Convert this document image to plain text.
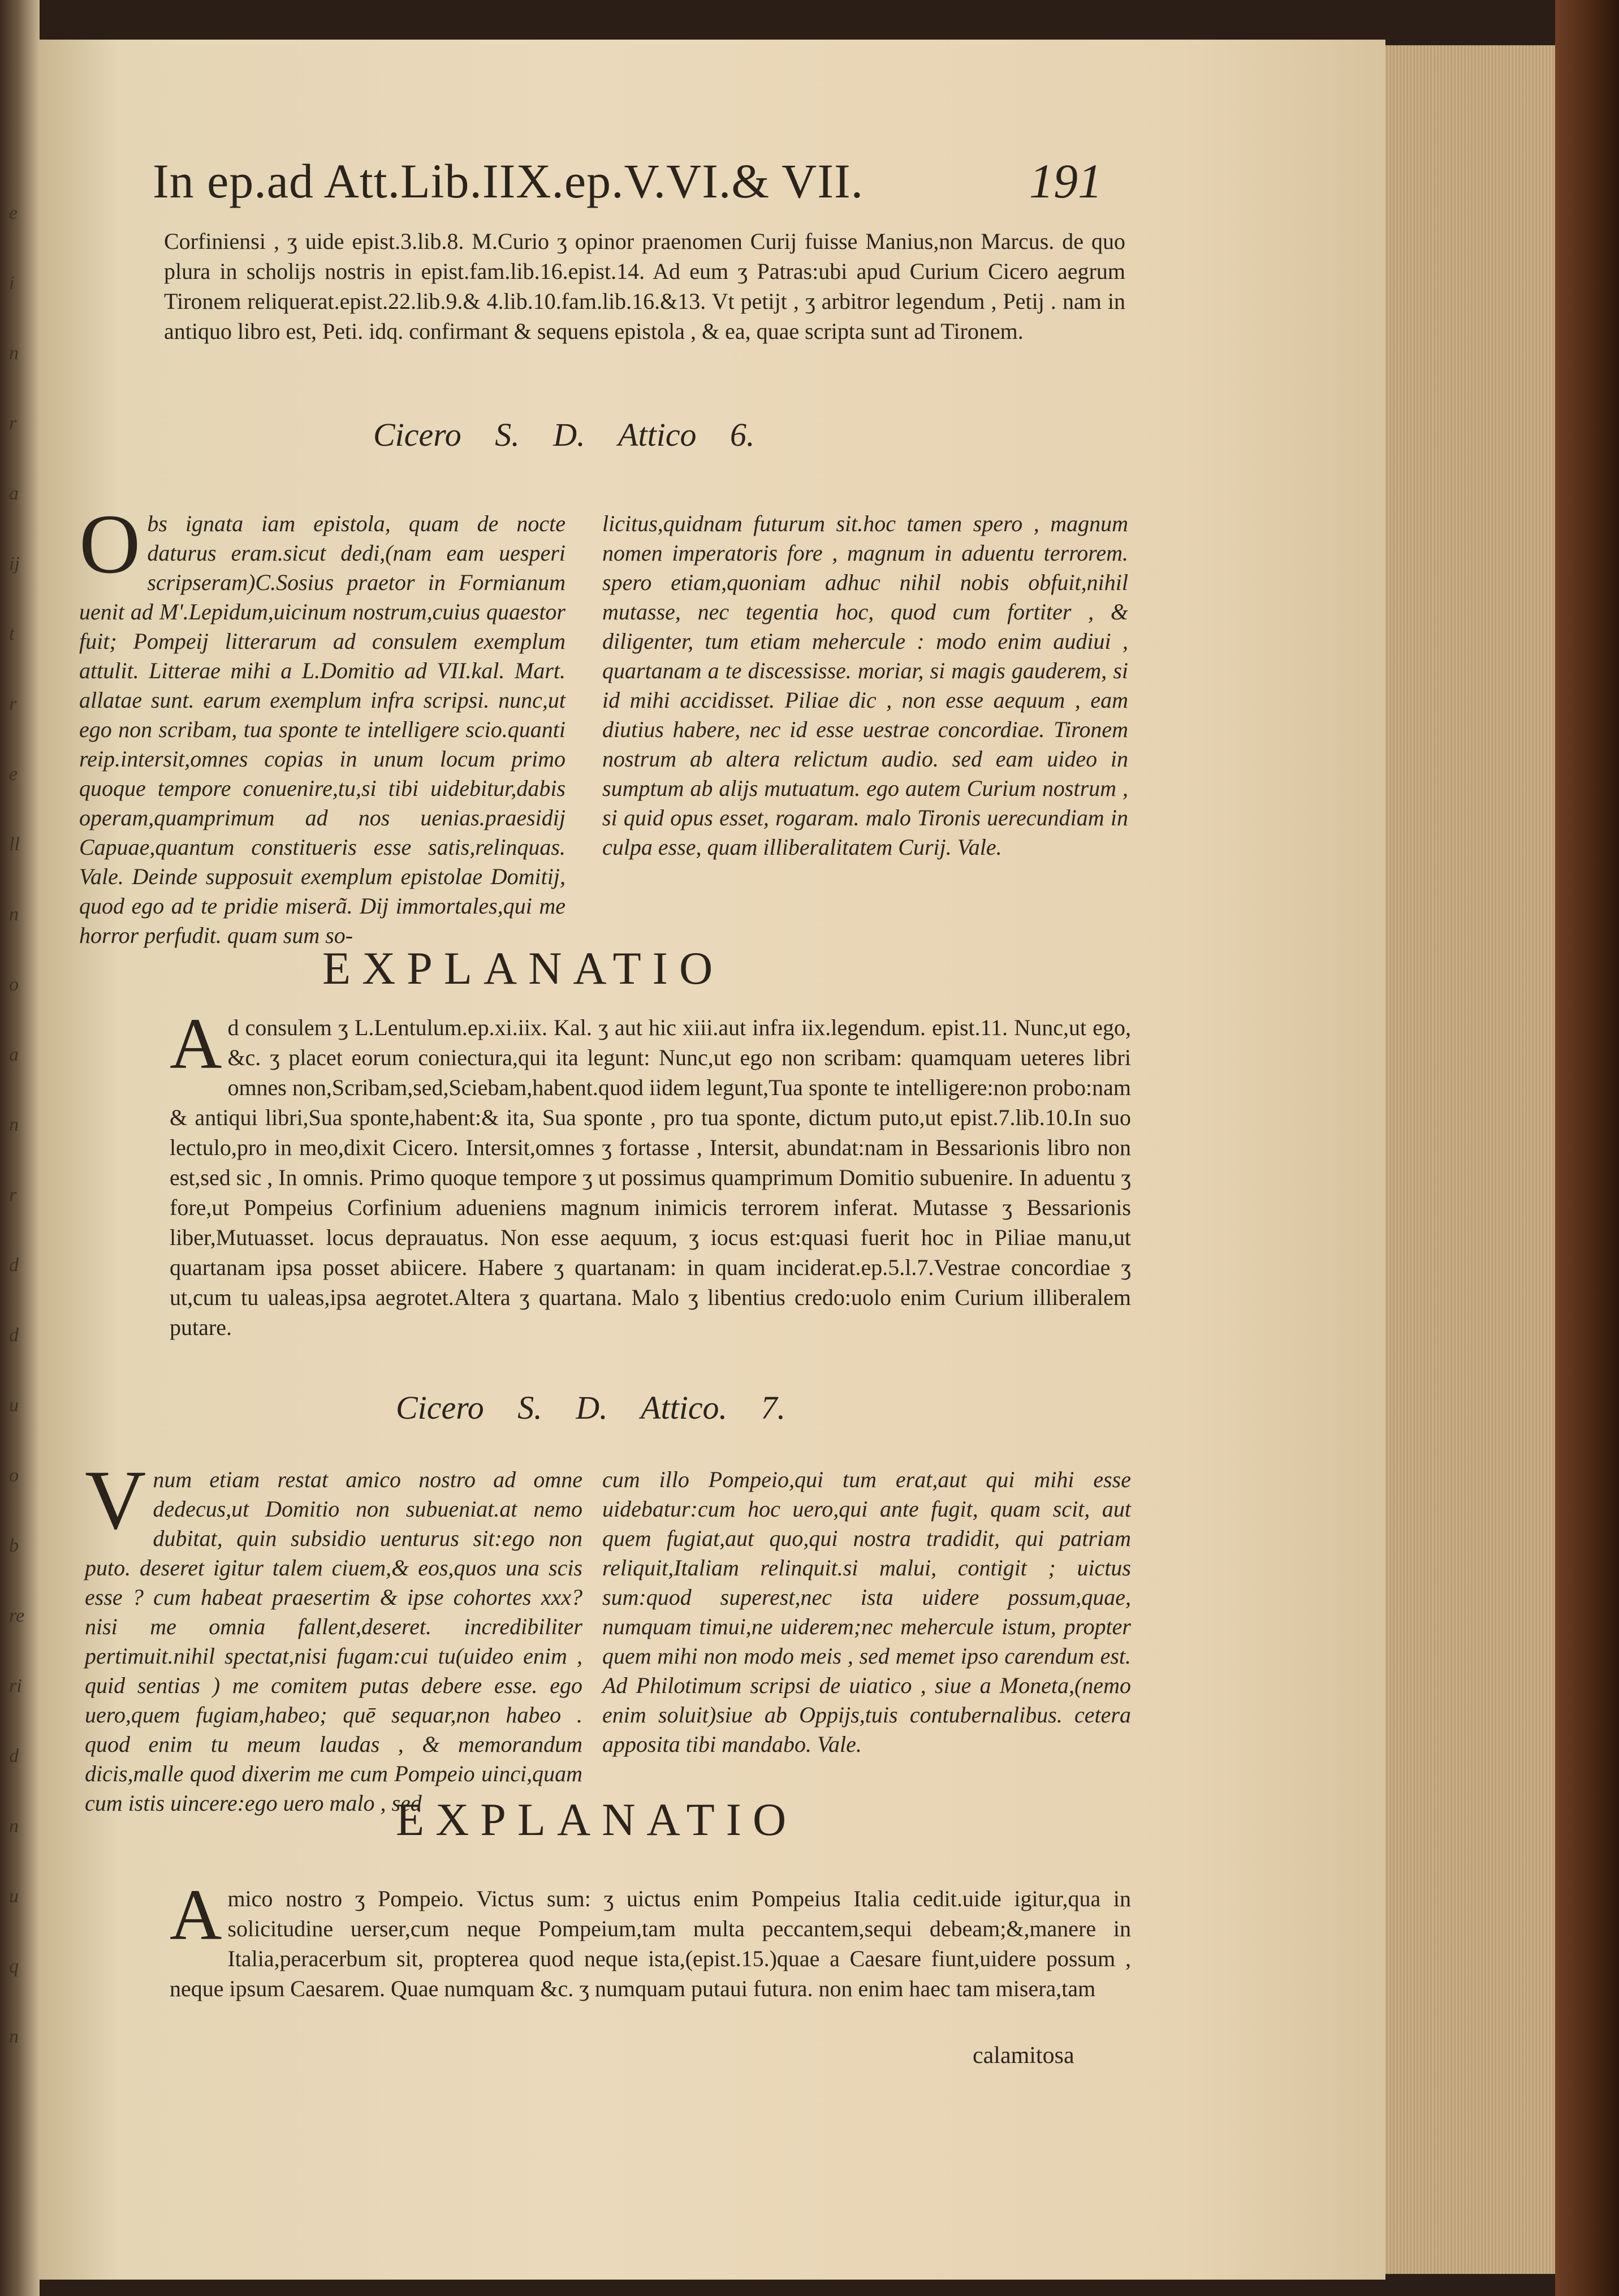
e
i
n
r
a
ij
t
r
e
ll
n
o
a
n
r
d
d
u
o
b
re
ri
d
n
u
q
n
In ep.ad Att.Lib.IIX.ep.V.VI.& VII.	191

Corfiniensi , ʒ uide epist.3.lib.8. M.Curio ʒ opinor praenomen Curij fuisse Manius,non Marcus. de quo plura in scholijs nostris in epist.fam.lib.16.epist.14. Ad eum ʒ Patras:ubi apud Curium Cicero aegrum Tironem reliquerat.epist.22.lib.9.& 4.lib.10.fam.lib.16.&13. Vt petijt , ʒ arbitror legendum , Petij . nam in antiquo libro est, Peti. idq. confirmant & sequens epistola , & ea, quae scripta sunt ad Tironem.

Cicero S. D. Attico 6.
O bs ignata iam epistola, quam de nocte daturus eram.sicut dedi,(nam eam uesperi scripseram)C.Sosius praetor in Formianum uenit ad M'.Lepidum,uicinum nostrum,cuius quaestor fuit; Pompeij litterarum ad consulem exemplum attulit. Litterae mihi a L.Domitio ad VII.kal. Mart. allatae sunt. earum exemplum infra scripsi. nunc,ut ego non scribam, tua sponte te intelligere scio.quanti reip.intersit,omnes copias in unum locum primo quoque tempore conuenire,tu,si tibi uidebitur,dabis operam,quamprimum ad nos uenias.praesidij Capuae,quantum constitueris esse satis,relinquas. Vale. Deinde supposuit exemplum epistolae Domitij, quod ego ad te pridie miserã. Dij immortales,qui me horror perfudit. quam sum so-
licitus,quidnam futurum sit.hoc tamen spero , magnum nomen imperatoris fore , magnum in aduentu terrorem. spero etiam,quoniam adhuc nihil nobis obfuit,nihil mutasse, nec tegentia hoc, quod cum fortiter , & diligenter, tum etiam mehercule : modo enim audiui , quartanam a te discessisse. moriar, si magis gauderem, si id mihi accidisset. Piliae dic , non esse aequum , eam diutius habere, nec id esse uestrae concordiae. Tironem nostrum ab altera relictum audio. sed eam uideo in sumptum ab alijs mutuatum. ego autem Curium nostrum , si quid opus esset, rogaram. malo Tironis uerecundiam in culpa esse, quam illiberalitatem Curij. Vale.
EXPLANATIO
A d consulem ʒ L.Lentulum.ep.xi.iix. Kal. ʒ aut hic xiii.aut infra iix.legendum. epist.11. Nunc,ut ego, &c. ʒ placet eorum coniectura,qui ita legunt: Nunc,ut ego non scribam: quamquam ueteres libri omnes non,Scribam,sed,Sciebam,habent.quod iidem legunt,Tua sponte te intelligere:non probo:nam & antiqui libri,Sua sponte,habent:& ita, Sua sponte , pro tua sponte, dictum puto,ut epist.7.lib.10.In suo lectulo,pro in meo,dixit Cicero. Intersit,omnes ʒ fortasse , Intersit, abundat:nam in Bessarionis libro non est,sed sic , In omnis. Primo quoque tempore ʒ ut possimus quamprimum Domitio subuenire. In aduentu ʒ fore,ut Pompeius Corfinium adueniens magnum inimicis terrorem inferat. Mutasse ʒ Bessarionis liber,Mutuasset. locus deprauatus. Non esse aequum, ʒ iocus est:quasi fuerit hoc in Piliae manu,ut quartanam ipsa posset abiicere. Habere ʒ quartanam: in quam inciderat.ep.5.l.7.Vestrae concordiae ʒ ut,cum tu ualeas,ipsa aegrotet.Altera ʒ quartana. Malo ʒ libentius credo:uolo enim Curium illiberalem putare.
Cicero S. D. Attico. 7.
V num etiam restat amico nostro ad omne dedecus,ut Domitio non subueniat.at nemo dubitat, quin subsidio uenturus sit:ego non puto. deseret igitur talem ciuem,& eos,quos una scis esse ? cum habeat praesertim & ipse cohortes xxx? nisi me omnia fallent,deseret. incredibiliter pertimuit.nihil spectat,nisi fugam:cui tu(uideo enim , quid sentias ) me comitem putas debere esse. ego uero,quem fugiam,habeo; quē sequar,non habeo . quod enim tu meum laudas , & memorandum dicis,malle quod dixerim me cum Pompeio uinci,quam cum istis uincere:ego uero malo , sed
cum illo Pompeio,qui tum erat,aut qui mihi esse uidebatur:cum hoc uero,qui ante fugit, quam scit, aut quem fugiat,aut quo,qui nostra tradidit, qui patriam reliquit,Italiam relinquit.si malui, contigit ; uictus sum:quod superest,nec ista uidere possum,quae, numquam timui,ne uiderem;nec mehercule istum, propter quem mihi non modo meis , sed memet ipso carendum est. Ad Philotimum scripsi de uiatico , siue a Moneta,(nemo enim soluit)siue ab Oppijs,tuis contubernalibus. cetera apposita tibi mandabo. Vale.
EXPLANATIO
A mico nostro ʒ Pompeio. Victus sum: ʒ uictus enim Pompeius Italia cedit.uide igitur,qua in solicitudine uerser,cum neque Pompeium,tam multa peccantem,sequi debeam;&,manere in Italia,peracerbum sit, propterea quod neque ista,(epist.15.)quae a Caesare fiunt,uidere possum , neque ipsum Caesarem. Quae numquam &c. ʒ numquam putaui futura. non enim haec tam misera,tam
calamitosa
